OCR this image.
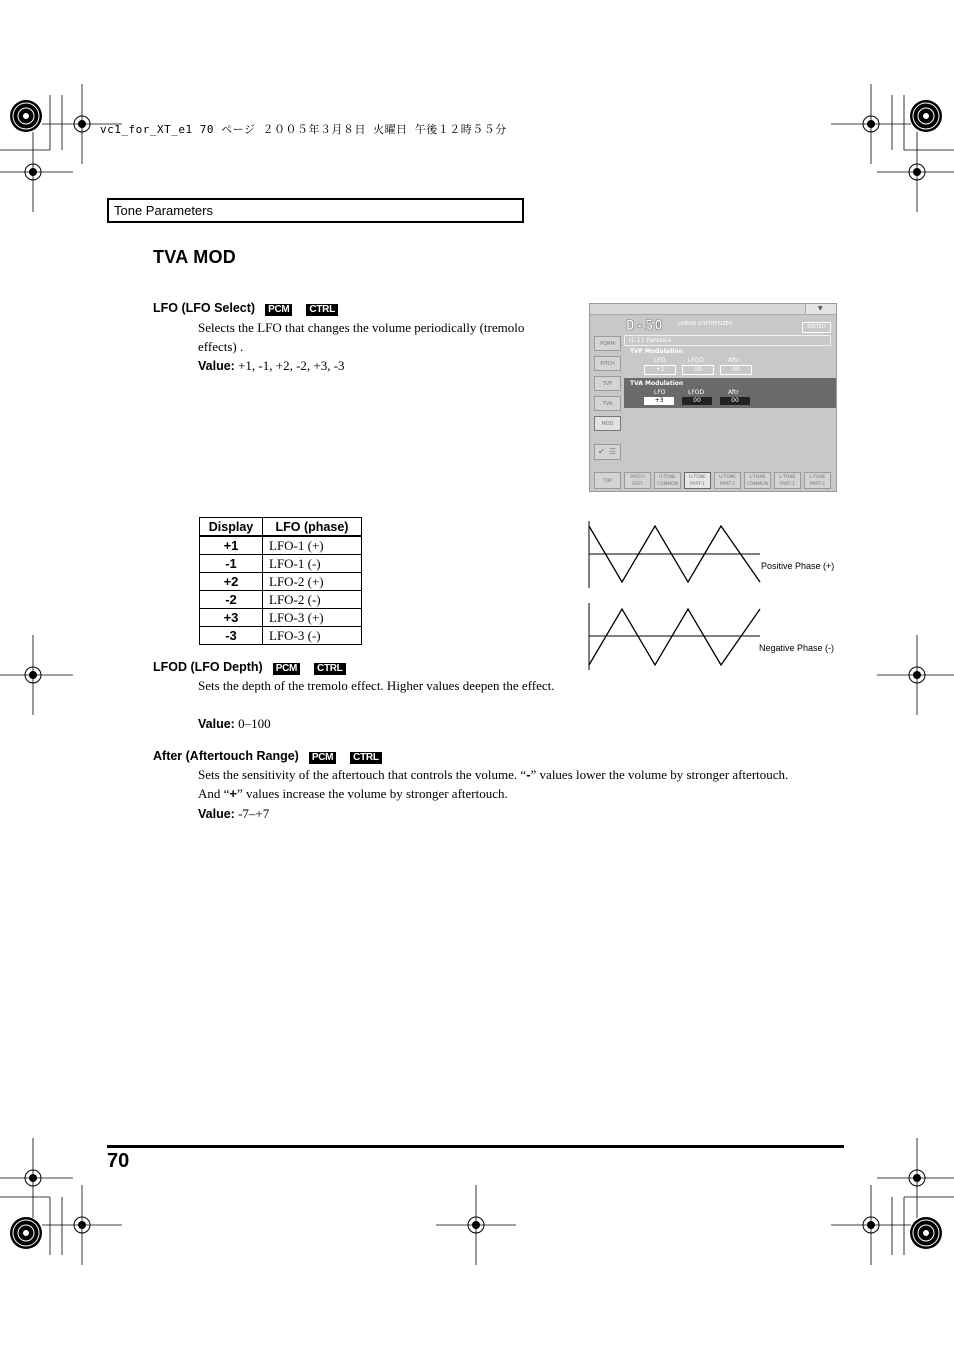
vc1_for_XT_e1 70 ページ ２００５年３月８日 火曜日 午後１２時５５分
Tone Parameters
TVA MOD
LFO (LFO Select) PCM CTRL
Selects the LFO that changes the volume periodically (tremolo effects) .
Value: +1, -1, +2, -2, +3, -3
▼
D-50	LINEAR SYNTHESIZER	EDITED
PORM
PITCH
TVF
TVA
MOD
✔ ☰
I1-11 Fantasia
TVF Modulation
LFO	LFOD	Aftr
+2	00	00
TVA Modulation
LFO	LFOD	Aftr
+3	00	00
TOP
PATCH EDIT
U-TONE COMMON
U-TONE PART-1
U-TONE PART-2
L-TONE COMMON
L-TONE PART-1
L-TONE PART-2
Display	LFO (phase)
+1	LFO-1 (+)
-1	LFO-1 (-)
+2	LFO-2 (+)
-2	LFO-2 (-)
+3	LFO-3 (+)
-3	LFO-3 (-)
Positive Phase (+)
Negative Phase (-)
LFOD (LFO Depth) PCM CTRL
Sets the depth of the tremolo effect. Higher values deepen the effect.
Value: 0–100
After (Aftertouch Range) PCM CTRL
Sets the sensitivity of the aftertouch that controls the volume. “-” values lower the volume by stronger aftertouch. And “+” values increase the volume by stronger aftertouch.
Value: -7–+7
70
